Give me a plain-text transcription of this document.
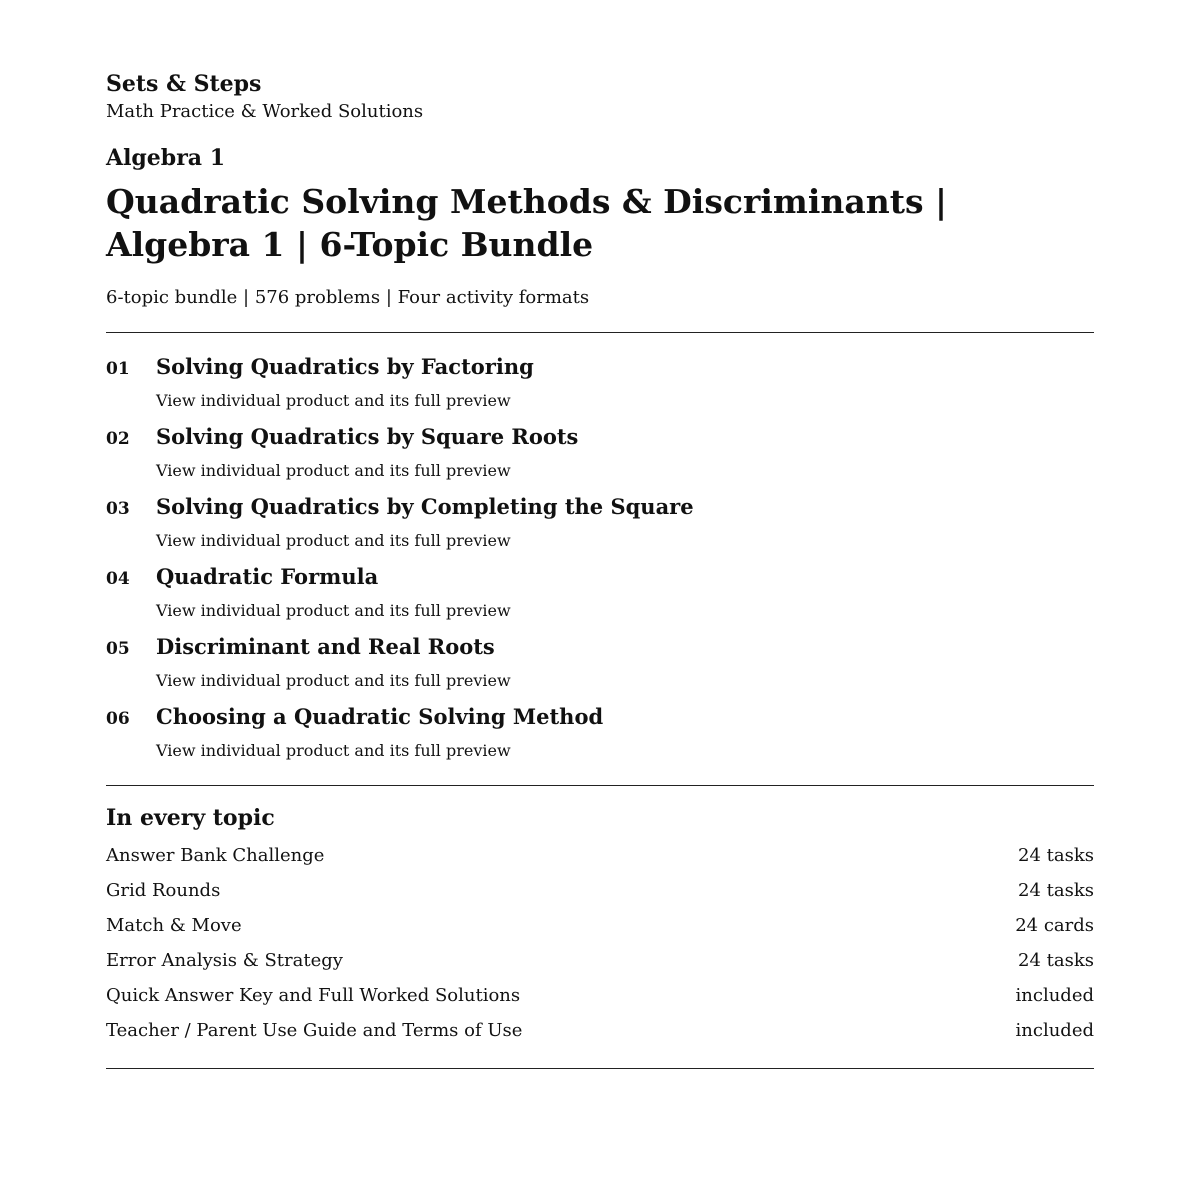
Sets & Steps
Math Practice & Worked Solutions
Algebra 1
Quadratic Solving Methods & Discriminants | Algebra 1 | 6-Topic Bundle
6-topic bundle | 576 problems | Four activity formats
01	Solving Quadratics by Factoring
View individual product and its full preview
02	Solving Quadratics by Square Roots
View individual product and its full preview
03	Solving Quadratics by Completing the Square
View individual product and its full preview
04	Quadratic Formula
View individual product and its full preview
05	Discriminant and Real Roots
View individual product and its full preview
06	Choosing a Quadratic Solving Method
View individual product and its full preview
In every topic
Answer Bank Challenge	24 tasks
Grid Rounds	24 tasks
Match & Move	24 cards
Error Analysis & Strategy	24 tasks
Quick Answer Key and Full Worked Solutions	included
Teacher / Parent Use Guide and Terms of Use	included
